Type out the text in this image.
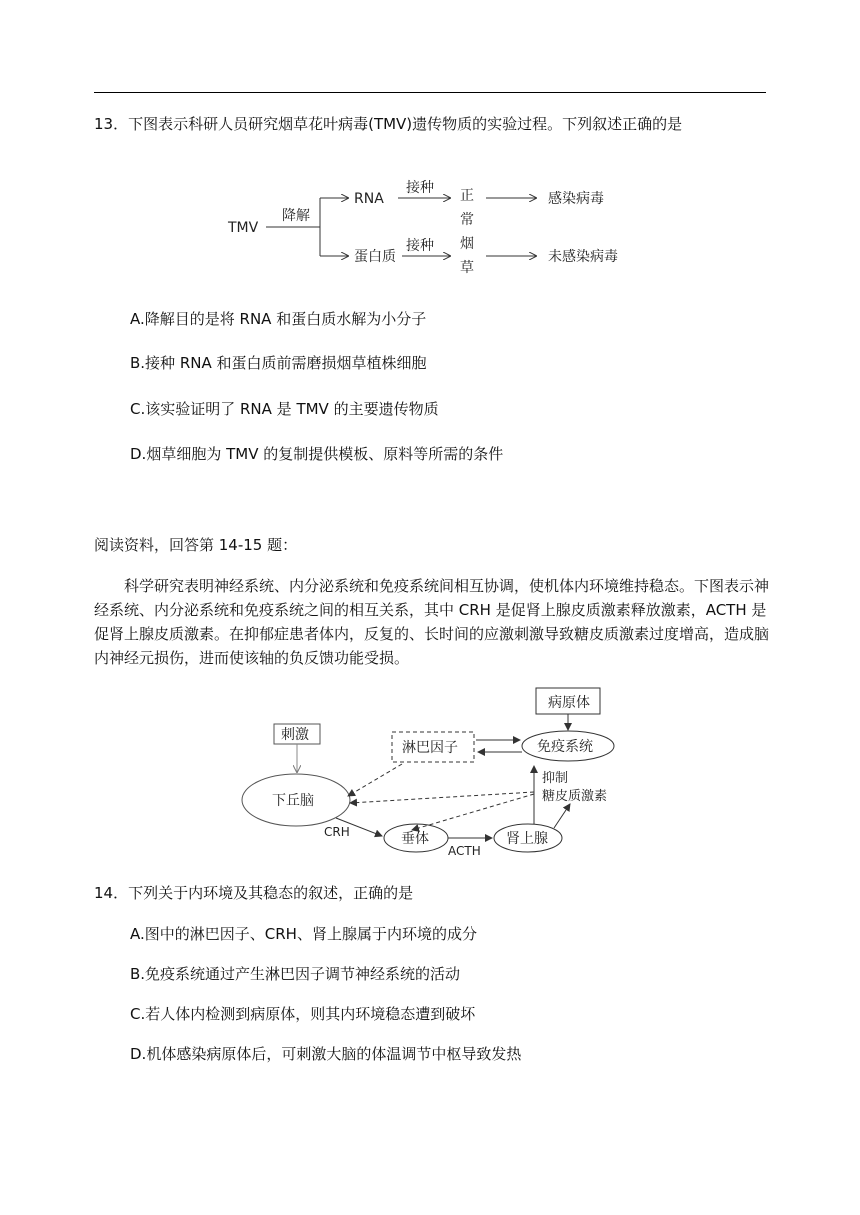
13．下图表示科研人员研究烟草花叶病毒(TMV)遗传物质的实验过程。下列叙述正确的是
TMV
降解
RNA
蛋白质
接种
接种
正
常
烟
草
感染病毒
未感染病毒
A.降解目的是将 RNA 和蛋白质水解为小分子
B.接种 RNA 和蛋白质前需磨损烟草植株细胞
C.该实验证明了 RNA 是 TMV 的主要遗传物质
D.烟草细胞为 TMV 的复制提供模板、原料等所需的条件
阅读资料，回答第 14-15 题：
科学研究表明神经系统、内分泌系统和免疫系统间相互协调，使机体内环境维持稳态。下图表示神经系统、内分泌系统和免疫系统之间的相互关系，其中 CRH 是促肾上腺皮质激素释放激素，ACTH 是促肾上腺皮质激素。在抑郁症患者体内，反复的、长时间的应激刺激导致糖皮质激素过度增高，造成脑内神经元损伤，进而使该轴的负反馈功能受损。
病原体
免疫系统
淋巴因子
刺激
下丘脑
抑制
糖皮质激素
CRH	垂体
ACTH
肾上腺
14．下列关于内环境及其稳态的叙述，正确的是
A.图中的淋巴因子、CRH、肾上腺属于内环境的成分
B.免疫系统通过产生淋巴因子调节神经系统的活动
C.若人体内检测到病原体，则其内环境稳态遭到破坏
D.机体感染病原体后，可刺激大脑的体温调节中枢导致发热
